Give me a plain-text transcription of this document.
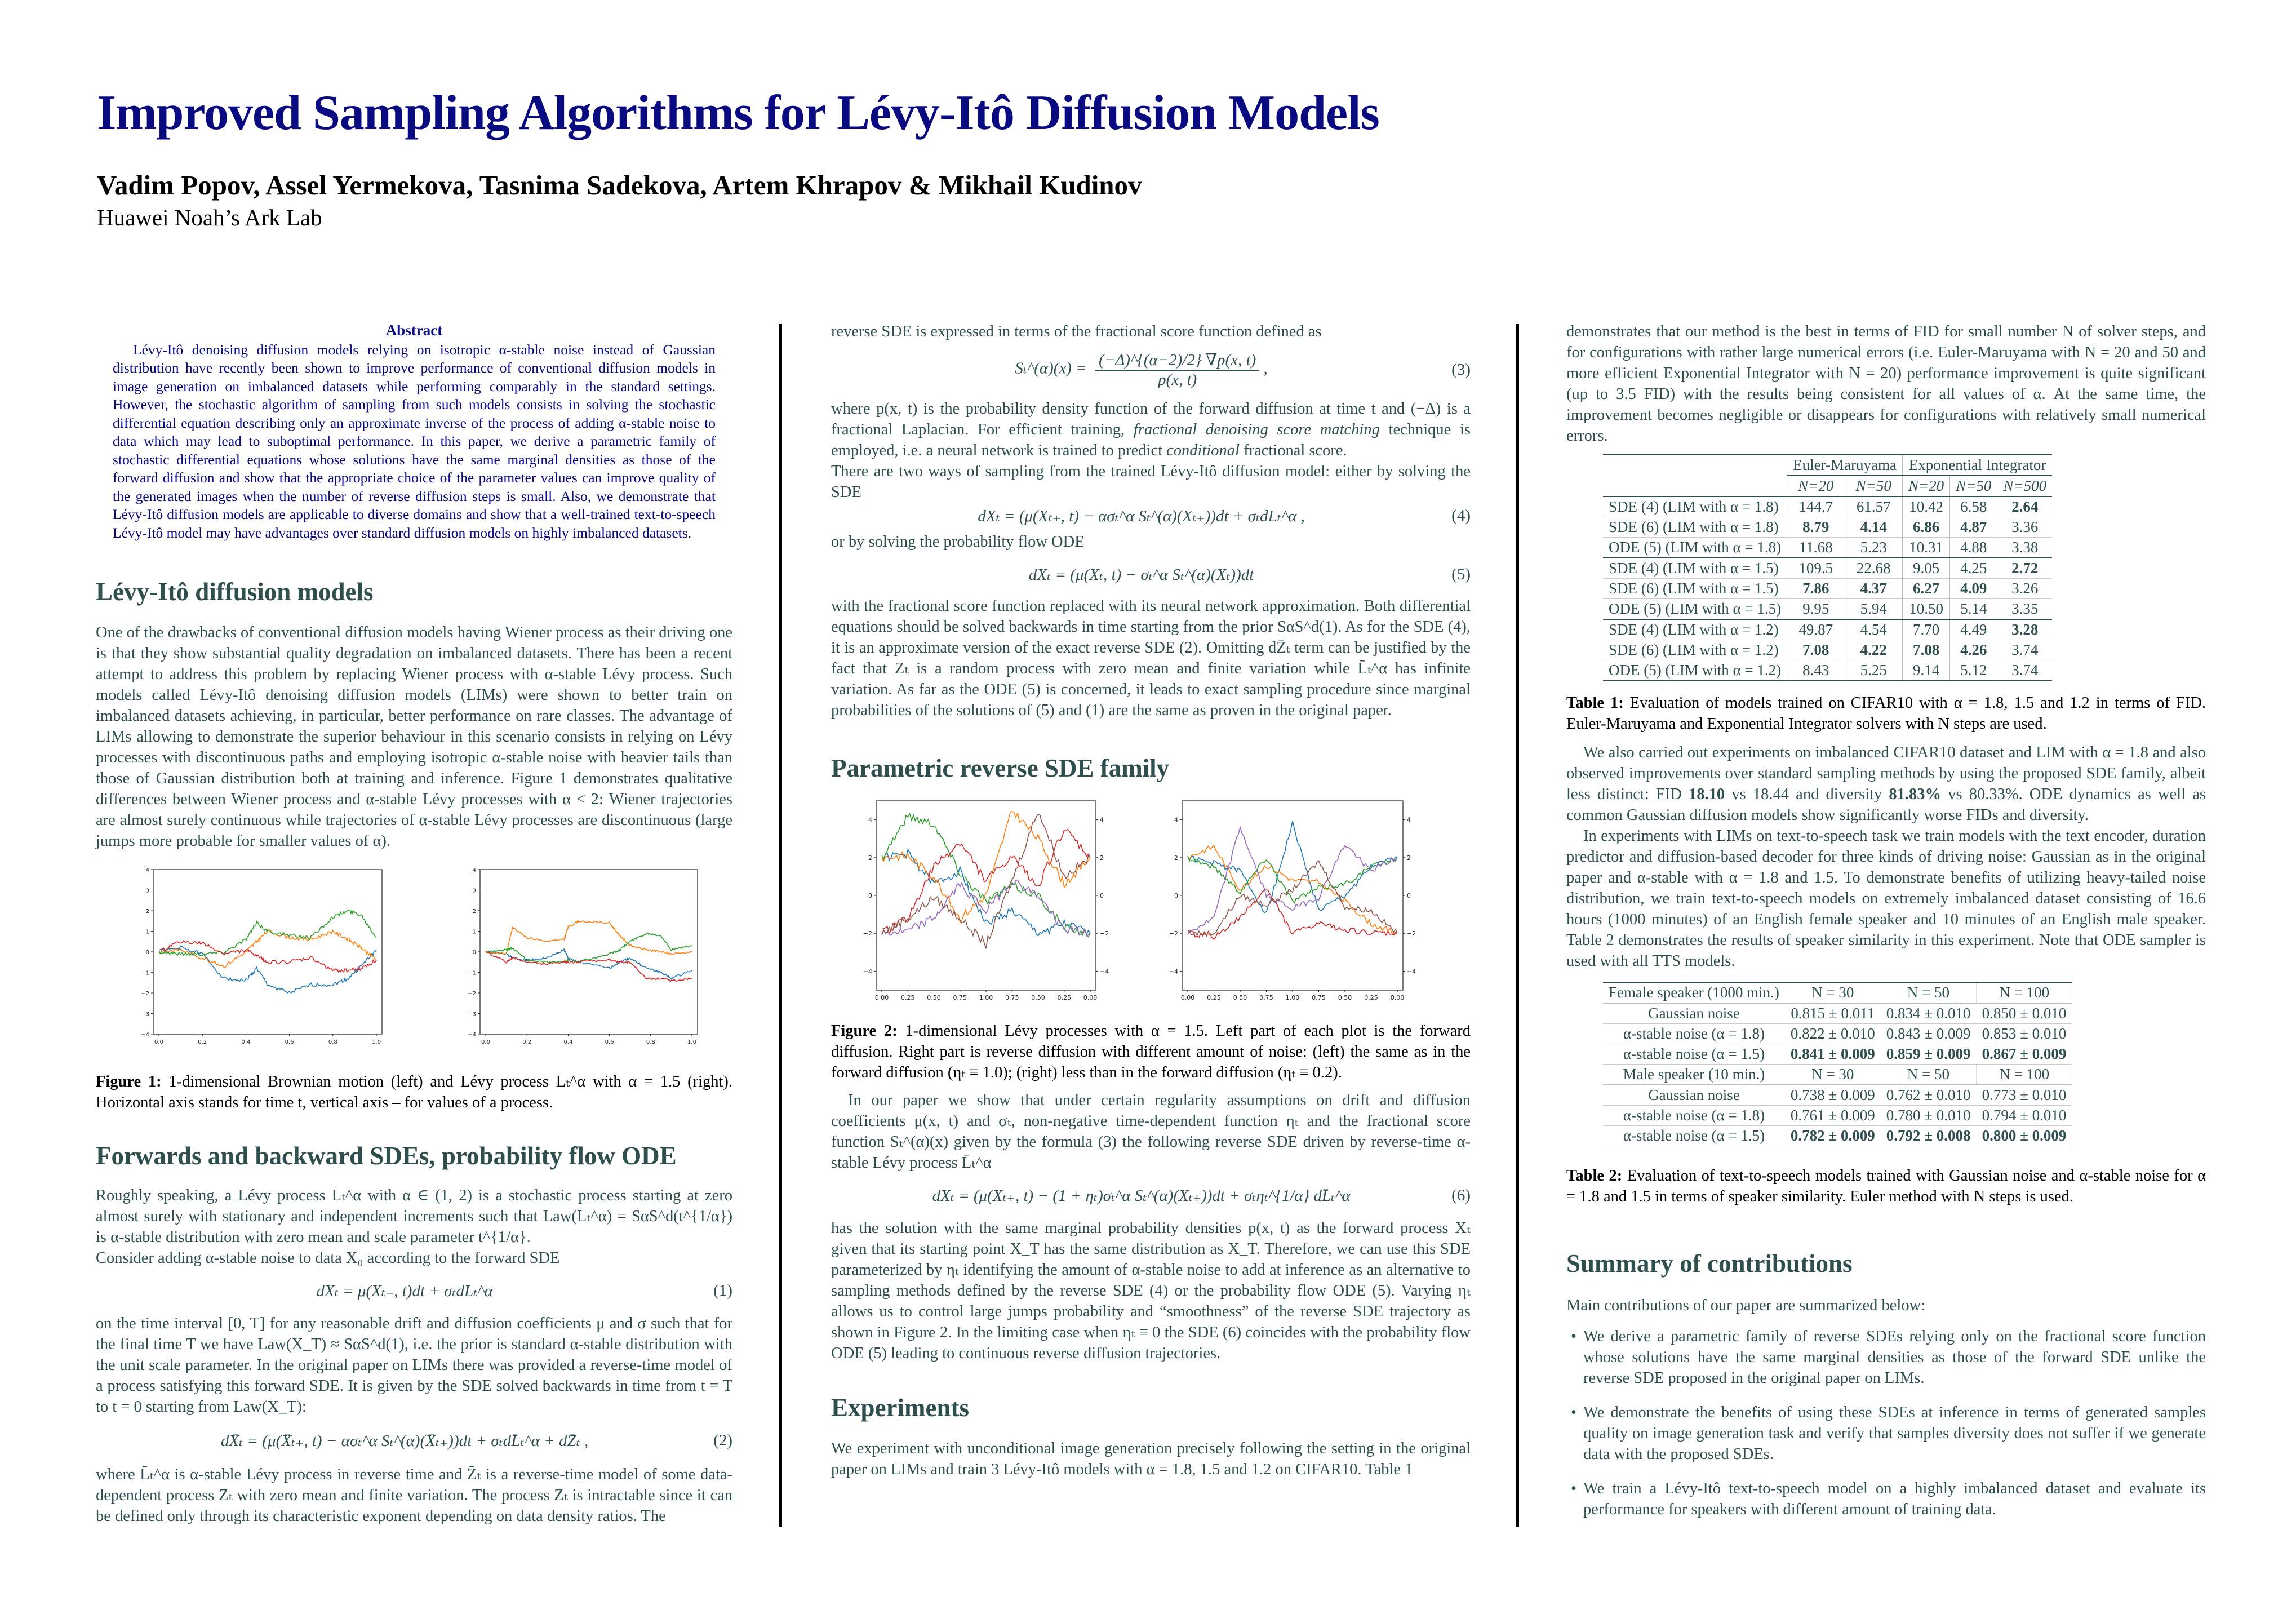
Improved Sampling Algorithms for Lévy-Itô Diffusion Models
Vadim Popov, Assel Yermekova, Tasnima Sadekova, Artem Khrapov & Mikhail Kudinov
Huawei Noah’s Ark Lab
Abstract
Lévy-Itô denoising diffusion models relying on isotropic α-stable noise instead of Gaussian distribution have recently been shown to improve performance of conventional diffusion models in image generation on imbalanced datasets while performing comparably in the standard settings. However, the stochastic algorithm of sampling from such models consists in solving the stochastic differential equation describing only an approximate inverse of the process of adding α-stable noise to data which may lead to suboptimal performance. In this paper, we derive a parametric family of stochastic differential equations whose solutions have the same marginal densities as those of the forward diffusion and show that the appropriate choice of the parameter values can improve quality of the generated images when the number of reverse diffusion steps is small. Also, we demonstrate that Lévy-Itô diffusion models are applicable to diverse domains and show that a well-trained text-to-speech Lévy-Itô model may have advantages over standard diffusion models on highly imbalanced datasets.
Lévy-Itô diffusion models

One of the drawbacks of conventional diffusion models having Wiener process as their driving one is that they show substantial quality degradation on imbalanced datasets. There has been a recent attempt to address this problem by replacing Wiener process with α-stable Lévy process. Such models called Lévy-Itô denoising diffusion models (LIMs) were shown to better train on imbalanced datasets achieving, in particular, better performance on rare classes. The advantage of LIMs allowing to demonstrate the superior behaviour in this scenario consists in relying on Lévy processes with discontinuous paths and employing isotropic α-stable noise with heavier tails than those of Gaussian distribution both at training and inference. Figure 1 demonstrates qualitative differences between Wiener process and α-stable Lévy processes with α < 2: Wiener trajectories are almost surely continuous while trajectories of α-stable Lévy processes are discontinuous (large jumps more probable for smaller values of α).

4
3
2
1
0
−1
−2
−3
−4
0.0	0.2	0.4	0.6	0.8	1.0
4
3
2
1
0
−1
−2
−3
−4
0.0	0.2	0.4	0.6	0.8	1.0
Figure 1: 1-dimensional Brownian motion (left) and Lévy process Lₜ^α with α = 1.5 (right). Horizontal axis stands for time t, vertical axis – for values of a process.
Forwards and backward SDEs, probability flow ODE

Roughly speaking, a Lévy process Lₜ^α with α ∈ (1, 2) is a stochastic process starting at zero almost surely with stationary and independent increments such that Law(Lₜ^α) = SαS^d(t^{1/α}) is α-stable distribution with zero mean and scale parameter t^{1/α}.

Consider adding α-stable noise to data X₀ according to the forward SDE

dXₜ = μ(Xₜ₋, t)dt + σₜdLₜ^α	(1)

on the time interval [0, T] for any reasonable drift and diffusion coefficients μ and σ such that for the final time T we have Law(X_T) ≈ SαS^d(1), i.e. the prior is standard α-stable distribution with the unit scale parameter. In the original paper on LIMs there was provided a reverse-time model of a process satisfying this forward SDE. It is given by the SDE solved backwards in time from t = T to t = 0 starting from Law(X_T):

dX̄ₜ = (μ(X̄ₜ₊, t) − ασₜ^α Sₜ^(α)(X̄ₜ₊))dt + σₜdL̄ₜ^α + dZ̄ₜ ,	(2)

where L̄ₜ^α is α-stable Lévy process in reverse time and Z̄ₜ is a reverse-time model of some data-dependent process Zₜ with zero mean and finite variation. The process Zₜ is intractable since it can be defined only through its characteristic exponent depending on data density ratios. The

reverse SDE is expressed in terms of the fractional score function defined as

Sₜ^(α)(x) = $\frac{(-\Delta)\^{}\{(\alpha-2)/2\} \nabla p(x, t)}{p(x, t)}$ ,	(3)

where p(x, t) is the probability density function of the forward diffusion at time t and (−Δ) is a fractional Laplacian. For efficient training, fractional denoising score matching technique is employed, i.e. a neural network is trained to predict conditional fractional score.

There are two ways of sampling from the trained Lévy-Itô diffusion model: either by solving the SDE

dXₜ = (μ(Xₜ₊, t) − ασₜ^α Sₜ^(α)(Xₜ₊))dt + σₜdLₜ^α ,	(4)

or by solving the probability flow ODE

dXₜ = (μ(Xₜ, t) − σₜ^α Sₜ^(α)(Xₜ))dt	(5)

with the fractional score function replaced with its neural network approximation. Both differential equations should be solved backwards in time starting from the prior SαS^d(1). As for the SDE (4), it is an approximate version of the exact reverse SDE (2). Omitting dZ̄ₜ term can be justified by the fact that Zₜ is a random process with zero mean and finite variation while L̄ₜ^α has infinite variation. As far as the ODE (5) is concerned, it leads to exact sampling procedure since marginal probabilities of the solutions of (5) and (1) are the same as proven in the original paper.

Parametric reverse SDE family
4	4
2	2
0	0
−2	−2
−4	−4
0.00 0.25 0.50 0.75 1.00 0.75 0.50 0.25 0.00
4	4
2	2
0	0
−2	−2
−4	−4
0.00 0.25 0.50 0.75 1.00 0.75 0.50 0.25 0.00
Figure 2: 1-dimensional Lévy processes with α = 1.5. Left part of each plot is the forward diffusion. Right part is reverse diffusion with different amount of noise: (left) the same as in the forward diffusion (ηₜ ≡ 1.0); (right) less than in the forward diffusion (ηₜ ≡ 0.2).

In our paper we show that under certain regularity assumptions on drift and diffusion coefficients μ(x, t) and σₜ, non-negative time-dependent function ηₜ and the fractional score function Sₜ^(α)(x) given by the formula (3) the following reverse SDE driven by reverse-time α-stable Lévy process L̄ₜ^α

dXₜ = (μ(Xₜ₊, t) − (1 + ηₜ)σₜ^α Sₜ^(α)(Xₜ₊))dt + σₜηₜ^{1/α} dL̄ₜ^α	(6)

has the solution with the same marginal probability densities p(x, t) as the forward process Xₜ given that its starting point X_T has the same distribution as X_T. Therefore, we can use this SDE parameterized by ηₜ identifying the amount of α-stable noise to add at inference as an alternative to sampling methods defined by the reverse SDE (4) or the probability flow ODE (5). Varying ηₜ allows us to control large jumps probability and “smoothness” of the reverse SDE trajectory as shown in Figure 2. In the limiting case when ηₜ ≡ 0 the SDE (6) coincides with the probability flow ODE (5) leading to continuous reverse diffusion trajectories.

Experiments

We experiment with unconditional image generation precisely following the setting in the original paper on LIMs and train 3 Lévy-Itô models with α = 1.8, 1.5 and 1.2 on CIFAR10. Table 1

demonstrates that our method is the best in terms of FID for small number N of solver steps, and for configurations with rather large numerical errors (i.e. Euler-Maruyama with N = 20 and 50 and more efficient Exponential Integrator with N = 20) performance improvement is quite significant (up to 3.5 FID) with the results being consistent for all values of α. At the same time, the improvement becomes negligible or disappears for configurations with relatively small numerical errors.

	Euler-Maruyama		Exponential Integrator		
	N=20	N=50	N=20	N=50	N=500
SDE (4) (LIM with α = 1.8)	144.7	61.57	10.42	6.58	2.64
SDE (6) (LIM with α = 1.8)	8.79	4.14	6.86	4.87	3.36
ODE (5) (LIM with α = 1.8)	11.68	5.23	10.31	4.88	3.38
SDE (4) (LIM with α = 1.5)	109.5	22.68	9.05	4.25	2.72
SDE (6) (LIM with α = 1.5)	7.86	4.37	6.27	4.09	3.26
ODE (5) (LIM with α = 1.5)	9.95	5.94	10.50	5.14	3.35
SDE (4) (LIM with α = 1.2)	49.87	4.54	7.70	4.49	3.28
SDE (6) (LIM with α = 1.2)	7.08	4.22	7.08	4.26	3.74
ODE (5) (LIM with α = 1.2)	8.43	5.25	9.14	5.12	3.74
Table 1: Evaluation of models trained on CIFAR10 with α = 1.8, 1.5 and 1.2 in terms of FID. Euler-Maruyama and Exponential Integrator solvers with N steps are used.

We also carried out experiments on imbalanced CIFAR10 dataset and LIM with α = 1.8 and also observed improvements over standard sampling methods by using the proposed SDE family, albeit less distinct: FID 18.10 vs 18.44 and diversity 81.83% vs 80.33%. ODE dynamics as well as common Gaussian diffusion models show significantly worse FIDs and diversity.

In experiments with LIMs on text-to-speech task we train models with the text encoder, duration predictor and diffusion-based decoder for three kinds of driving noise: Gaussian as in the original paper and α-stable with α = 1.8 and 1.5. To demonstrate benefits of utilizing heavy-tailed noise distribution, we train text-to-speech models on extremely imbalanced dataset consisting of 16.6 hours (1000 minutes) of an English female speaker and 10 minutes of an English male speaker. Table 2 demonstrates the results of speaker similarity in this experiment. Note that ODE sampler is used with all TTS models.

Female speaker (1000 min.)	N = 30	N = 50	N = 100
Gaussian noise	0.815 ± 0.011	0.834 ± 0.010	0.850 ± 0.010
α-stable noise (α = 1.8)	0.822 ± 0.010	0.843 ± 0.009	0.853 ± 0.010
α-stable noise (α = 1.5)	0.841 ± 0.009	0.859 ± 0.009	0.867 ± 0.009
Male speaker (10 min.)	N = 30	N = 50	N = 100
Gaussian noise	0.738 ± 0.009	0.762 ± 0.010	0.773 ± 0.010
α-stable noise (α = 1.8)	0.761 ± 0.009	0.780 ± 0.010	0.794 ± 0.010
α-stable noise (α = 1.5)	0.782 ± 0.009	0.792 ± 0.008	0.800 ± 0.009
Table 2: Evaluation of text-to-speech models trained with Gaussian noise and α-stable noise for α = 1.8 and 1.5 in terms of speaker similarity. Euler method with N steps is used.
Summary of contributions

Main contributions of our paper are summarized below:

• We derive a parametric family of reverse SDEs relying only on the fractional score function whose solutions have the same marginal densities as those of the forward SDE unlike the reverse SDE proposed in the original paper on LIMs.
• We demonstrate the benefits of using these SDEs at inference in terms of generated samples quality on image generation task and verify that samples diversity does not suffer if we generate data with the proposed SDEs.
• We train a Lévy-Itô text-to-speech model on a highly imbalanced dataset and evaluate its performance for speakers with different amount of training data.
